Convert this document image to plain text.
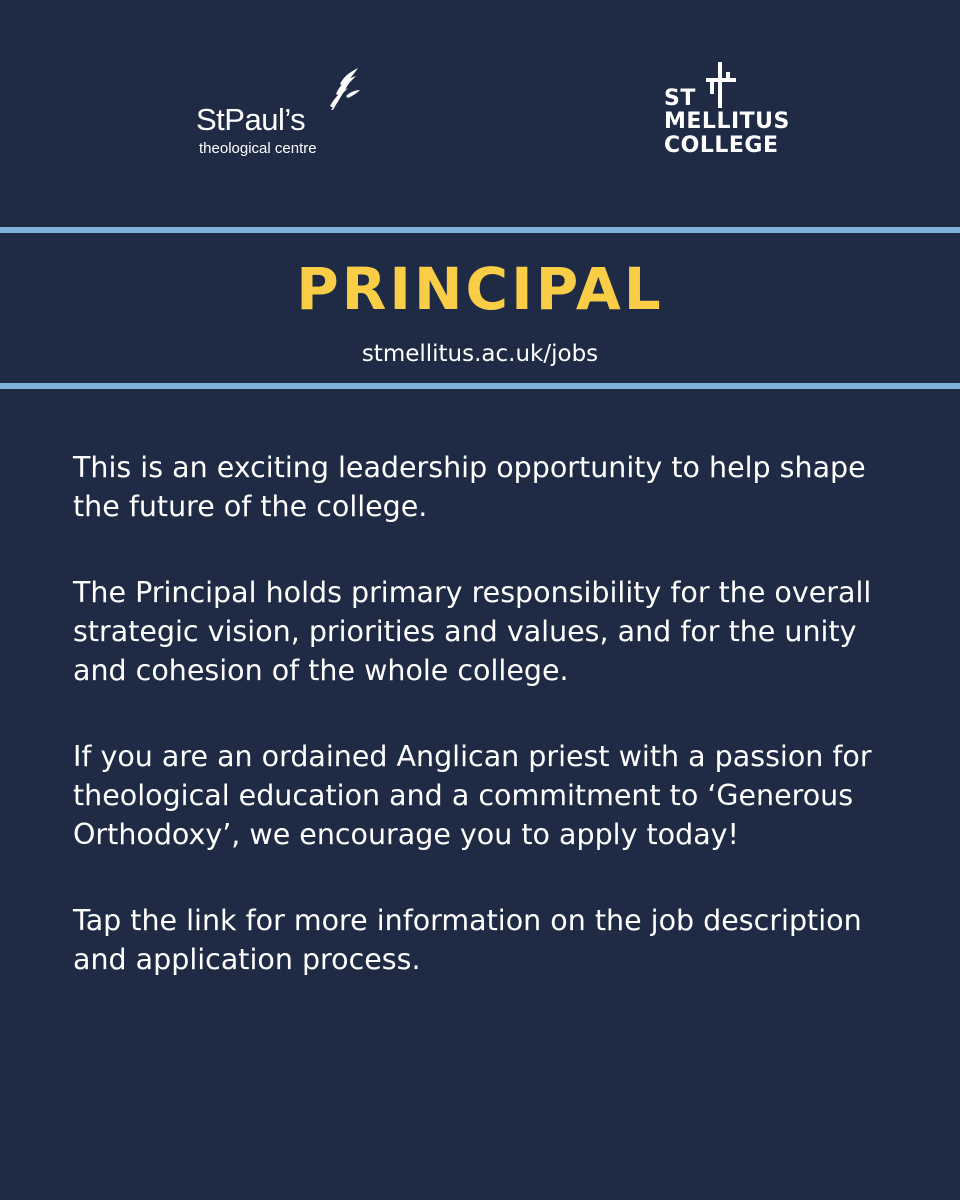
StPaul’s
theological centre
ST
MELLITUS
COLLEGE
PRINCIPAL
stmellitus.ac.uk/jobs

This is an exciting leadership opportunity to help shape the future of the college.

The Principal holds primary responsibility for the overall strategic vision, priorities and values, and for the unity and cohesion of the whole college.

If you are an ordained Anglican priest with a passion for theological education and a commitment to ‘Generous Orthodoxy’, we encourage you to apply today!

Tap the link for more information on the job description and application process.
